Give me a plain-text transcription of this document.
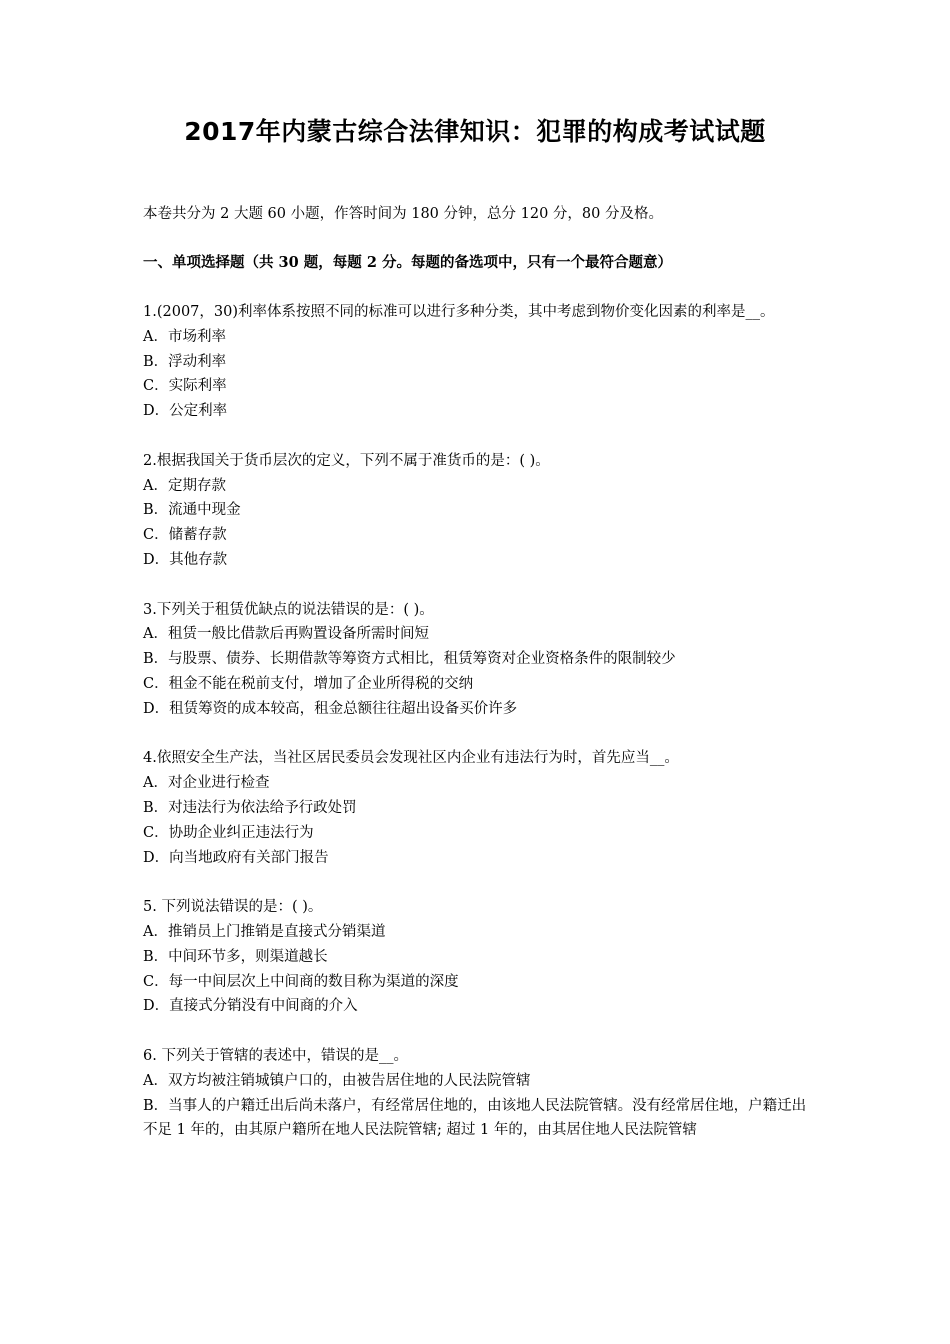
2017年内蒙古综合法律知识：犯罪的构成考试试题
本卷共分为 2 大题 60 小题，作答时间为 180 分钟，总分 120 分，80 分及格。
一、单项选择题（共 30 题，每题 2 分。每题的备选项中，只有一个最符合题意）
1.(2007，30)利率体系按照不同的标准可以进行多种分类，其中考虑到物价变化因素的利率是__。
A．市场利率
B．浮动利率
C．实际利率
D．公定利率
2.根据我国关于货币层次的定义，下列不属于准货币的是：( )。
A．定期存款
B．流通中现金
C．储蓄存款
D．其他存款
3.下列关于租赁优缺点的说法错误的是：( )。
A．租赁一般比借款后再购置设备所需时间短
B．与股票、债券、长期借款等筹资方式相比，租赁筹资对企业资格条件的限制较少
C．租金不能在税前支付，增加了企业所得税的交纳
D．租赁筹资的成本较高，租金总额往往超出设备买价许多
4.依照安全生产法，当社区居民委员会发现社区内企业有违法行为时，首先应当__。
A．对企业进行检查
B．对违法行为依法给予行政处罚
C．协助企业纠正违法行为
D．向当地政府有关部门报告
5. 下列说法错误的是：( )。
A．推销员上门推销是直接式分销渠道
B．中间环节多，则渠道越长
C．每一中间层次上中间商的数目称为渠道的深度
D．直接式分销没有中间商的介入
6. 下列关于管辖的表述中，错误的是__。
A．双方均被注销城镇户口的，由被告居住地的人民法院管辖
B．当事人的户籍迁出后尚未落户，有经常居住地的，由该地人民法院管辖。没有经常居住地，户籍迁出不足 1 年的，由其原户籍所在地人民法院管辖; 超过 1 年的，由其居住地人民法院管辖
